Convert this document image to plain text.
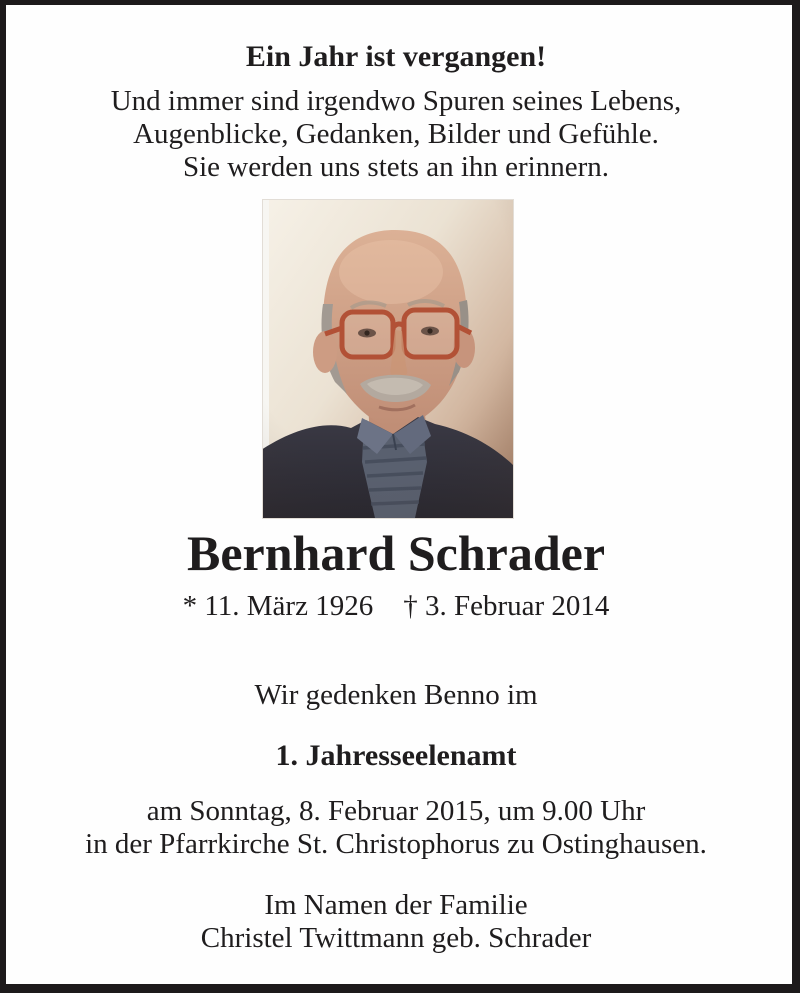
Ein Jahr ist vergangen!
Und immer sind irgendwo Spuren seines Lebens,
Augenblicke, Gedanken, Bilder und Gefühle.
Sie werden uns stets an ihn erinnern.
Bernhard Schrader
* 11. März 1926 † 3. Februar 2014
Wir gedenken Benno im
1. Jahresseelenamt
am Sonntag, 8. Februar 2015, um 9.00 Uhr
in der Pfarrkirche St. Christophorus zu Ostinghausen.
Im Namen der Familie
Christel Twittmann geb. Schrader
